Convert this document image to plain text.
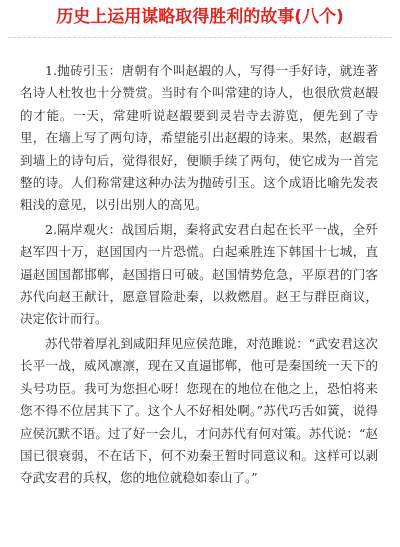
历史上运用谋略取得胜利的故事(八个)

1.抛砖引玉：唐朝有个叫赵嘏的人，写得一手好诗，就连著名诗人杜牧也十分赞赏。当时有个叫常建的诗人，也很欣赏赵嘏的才能。一天，常建听说赵嘏要到灵岩寺去游览，便先到了寺里，在墙上写了两句诗，希望能引出赵嘏的诗来。果然，赵嘏看到墙上的诗句后，觉得很好，便顺手续了两句，使它成为一首完整的诗。人们称常建这种办法为抛砖引玉。这个成语比喻先发表粗浅的意见，以引出别人的高见。

2.隔岸观火：战国后期，秦将武安君白起在长平一战，全歼赵军四十万，赵国国内一片恐慌。白起乘胜连下韩国十七城，直逼赵国国都邯郸，赵国指日可破。赵国情势危急，平原君的门客苏代向赵王献计，愿意冒险赴秦，以救燃眉。赵王与群臣商议，决定依计而行。

苏代带着厚礼到咸阳拜见应侯范雎，对范雎说：“武安君这次长平一战，威风凛凛，现在又直逼邯郸，他可是秦国统一天下的头号功臣。我可为您担心呀！您现在的地位在他之上，恐怕将来您不得不位居其下了。这个人不好相处啊。”苏代巧舌如簧，说得应侯沉默不语。过了好一会儿，才问苏代有何对策。苏代说：“赵国已很衰弱，不在话下，何不劝秦王暂时同意议和。这样可以剥夺武安君的兵权，您的地位就稳如泰山了。”
